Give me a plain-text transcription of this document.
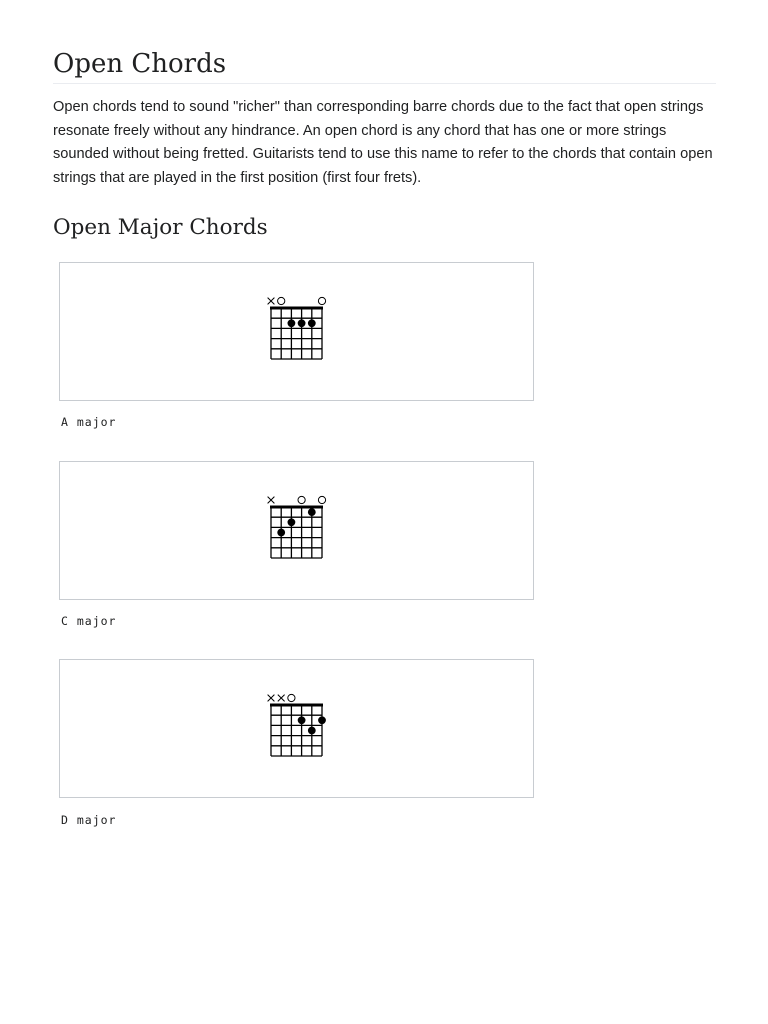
Open Chords

Open chords tend to sound "richer" than corresponding barre chords due to the fact that open strings resonate freely without any hindrance. An open chord is any chord that has one or more strings sounded without being fretted. Guitarists tend to use this name to refer to the chords that contain open strings that are played in the first position (first four frets).

Open Major Chords
A major
C major
D major
